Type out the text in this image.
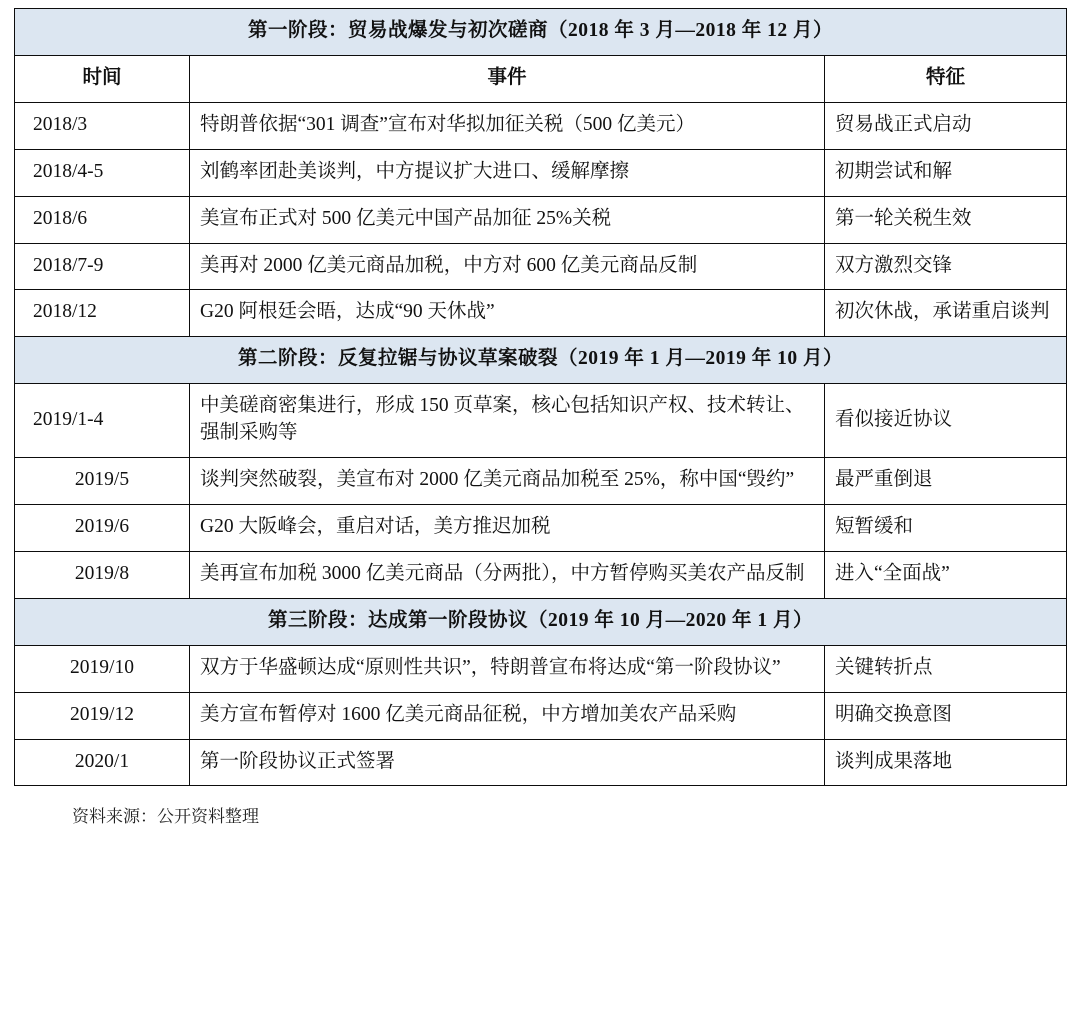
第一阶段：贸易战爆发与初次磋商（2018 年 3 月—2018 年 12 月）		
时间	事件	特征
2018/3	特朗普依据“301 调查”宣布对华拟加征关税（500 亿美元）	贸易战正式启动
2018/4-5	刘鹤率团赴美谈判，中方提议扩大进口、缓解摩擦	初期尝试和解
2018/6	美宣布正式对 500 亿美元中国产品加征 25%关税	第一轮关税生效
2018/7-9	美再对 2000 亿美元商品加税，中方对 600 亿美元商品反制	双方激烈交锋
2018/12	G20 阿根廷会晤，达成“90 天休战”	初次休战，承诺重启谈判
第二阶段：反复拉锯与协议草案破裂（2019 年 1 月—2019 年 10 月）		
2019/1-4	中美磋商密集进行，形成 150 页草案，核心包括知识产权、技术转让、强制采购等	看似接近协议
2019/5	谈判突然破裂，美宣布对 2000 亿美元商品加税至 25%，称中国“毁约”	最严重倒退
2019/6	G20 大阪峰会，重启对话，美方推迟加税	短暂缓和
2019/8	美再宣布加税 3000 亿美元商品（分两批），中方暂停购买美农产品反制	进入“全面战”
第三阶段：达成第一阶段协议（2019 年 10 月—2020 年 1 月）		
2019/10	双方于华盛顿达成“原则性共识”，特朗普宣布将达成“第一阶段协议”	关键转折点
2019/12	美方宣布暂停对 1600 亿美元商品征税，中方增加美农产品采购	明确交换意图
2020/1	第一阶段协议正式签署	谈判成果落地
资料来源：公开资料整理
